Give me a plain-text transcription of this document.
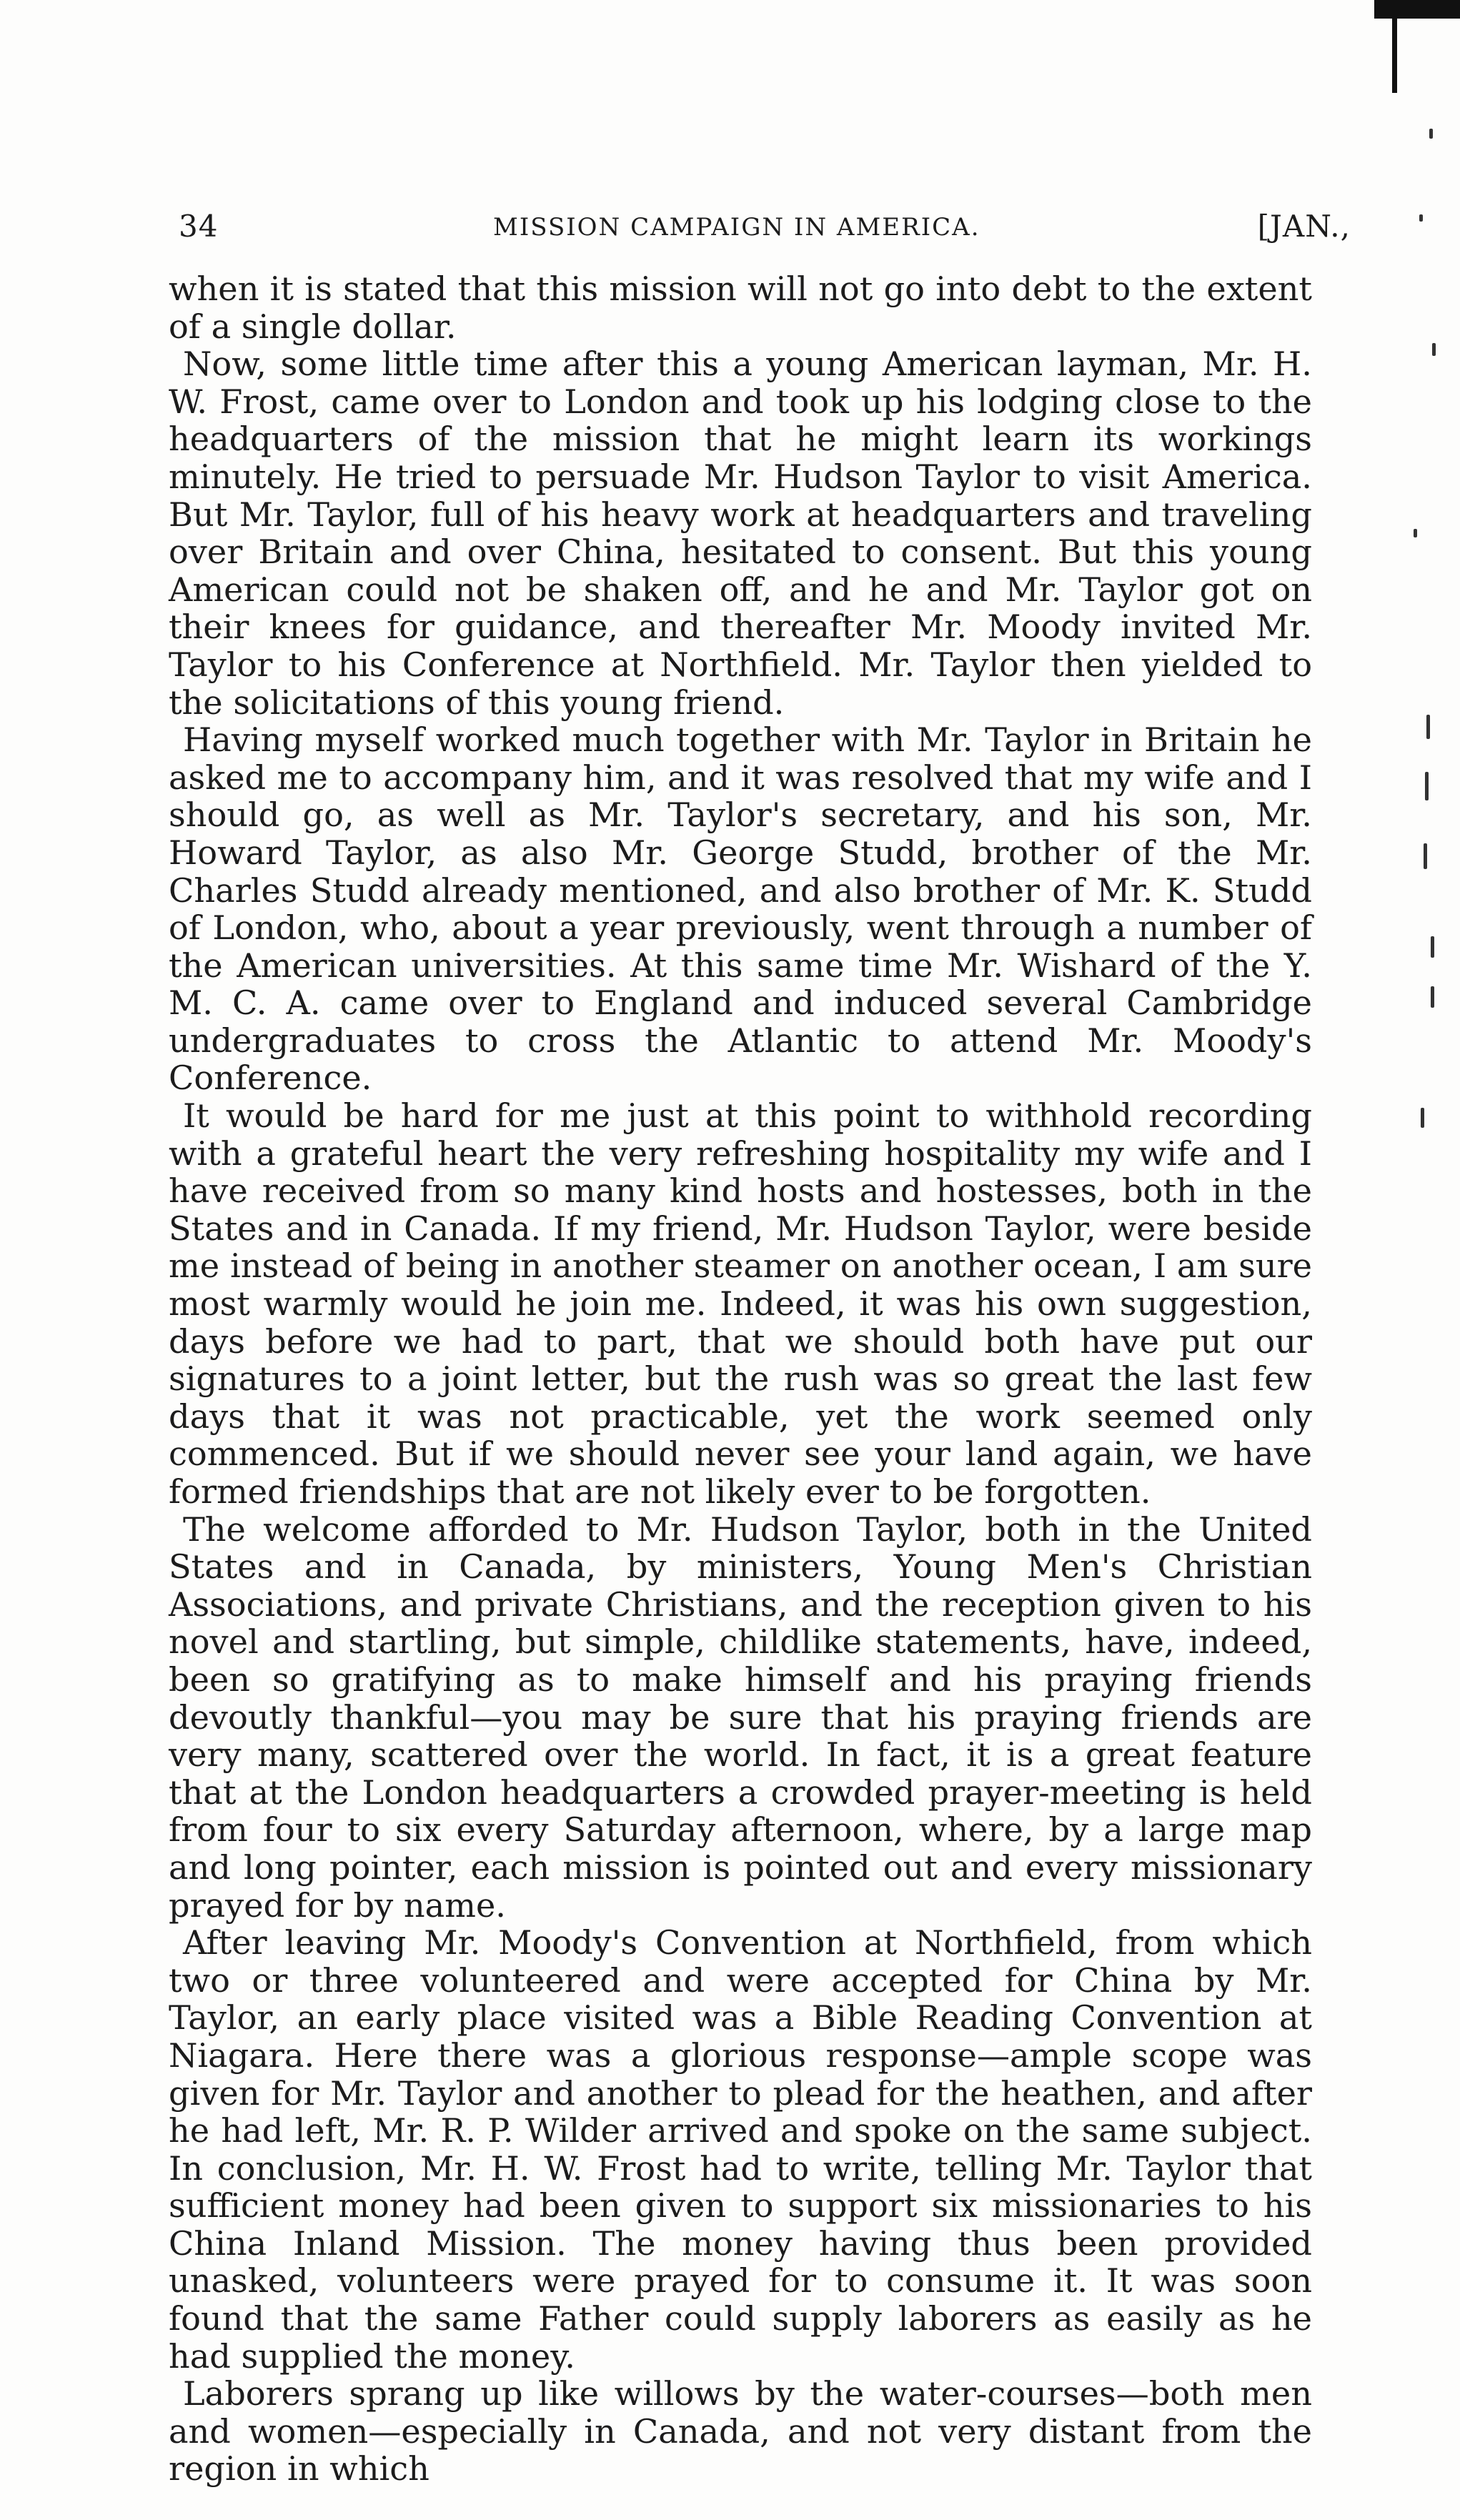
34	MISSION CAMPAIGN IN AMERICA.	[JAN.,

when it is stated that this mission will not go into debt to the extent of a single dollar.

Now, some little time after this a young American layman, Mr. H. W. Frost, came over to London and took up his lodging close to the headquarters of the mission that he might learn its workings minutely. He tried to persuade Mr. Hudson Taylor to visit America. But Mr. Taylor, full of his heavy work at headquarters and traveling over Britain and over China, hesitated to consent. But this young American could not be shaken off, and he and Mr. Taylor got on their knees for guidance, and thereafter Mr. Moody invited Mr. Taylor to his Conference at Northfield. Mr. Taylor then yielded to the solicitations of this young friend.

Having myself worked much together with Mr. Taylor in Britain he asked me to accompany him, and it was resolved that my wife and I should go, as well as Mr. Taylor's secretary, and his son, Mr. Howard Taylor, as also Mr. George Studd, brother of the Mr. Charles Studd already mentioned, and also brother of Mr. K. Studd of London, who, about a year previously, went through a number of the American universities. At this same time Mr. Wishard of the Y. M. C. A. came over to England and induced several Cambridge undergraduates to cross the Atlantic to attend Mr. Moody's Conference.

It would be hard for me just at this point to withhold recording with a grateful heart the very refreshing hospitality my wife and I have received from so many kind hosts and hostesses, both in the States and in Canada. If my friend, Mr. Hudson Taylor, were beside me instead of being in another steamer on another ocean, I am sure most warmly would he join me. Indeed, it was his own suggestion, days before we had to part, that we should both have put our signatures to a joint letter, but the rush was so great the last few days that it was not practicable, yet the work seemed only commenced. But if we should never see your land again, we have formed friendships that are not likely ever to be forgotten.

The welcome afforded to Mr. Hudson Taylor, both in the United States and in Canada, by ministers, Young Men's Christian Associations, and private Christians, and the reception given to his novel and startling, but simple, childlike statements, have, indeed, been so gratifying as to make himself and his praying friends devoutly thankful—you may be sure that his praying friends are very many, scattered over the world. In fact, it is a great feature that at the London headquarters a crowded prayer-meeting is held from four to six every Saturday afternoon, where, by a large map and long pointer, each mission is pointed out and every missionary prayed for by name.

After leaving Mr. Moody's Convention at Northfield, from which two or three volunteered and were accepted for China by Mr. Taylor, an early place visited was a Bible Reading Convention at Niagara. Here there was a glorious response—ample scope was given for Mr. Taylor and another to plead for the heathen, and after he had left, Mr. R. P. Wilder arrived and spoke on the same subject. In conclusion, Mr. H. W. Frost had to write, telling Mr. Taylor that sufficient money had been given to support six missionaries to his China Inland Mission. The money having thus been provided unasked, volunteers were prayed for to consume it. It was soon found that the same Father could supply laborers as easily as he had supplied the money.

Laborers sprang up like willows by the water-courses—both men and women—especially in Canada, and not very distant from the region in which
